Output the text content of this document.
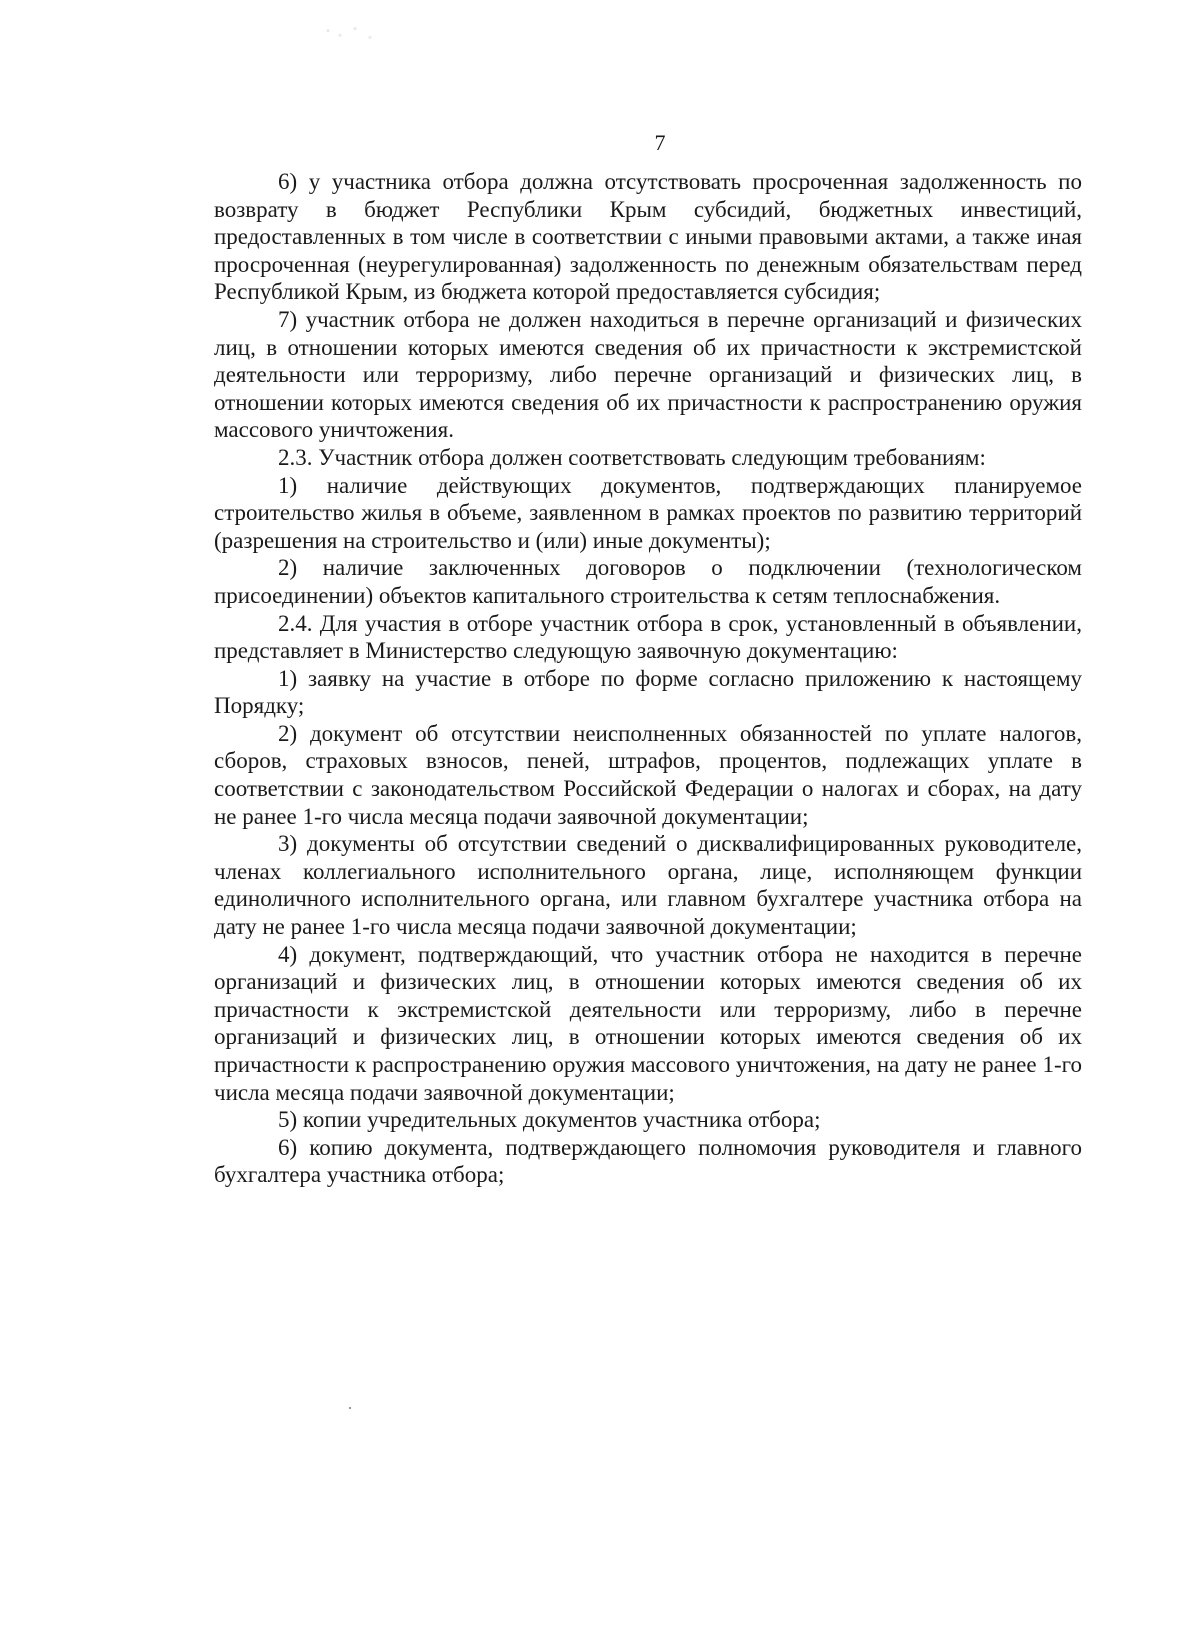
7

6) у участника отбора должна отсутствовать просроченная задолженность по возврату в бюджет Республики Крым субсидий, бюджетных инвестиций, предоставленных в том числе в соответствии с иными правовыми актами, а также иная просроченная (неурегулированная) задолженность по денежным обязательствам перед Республикой Крым, из бюджета которой предоставляется субсидия;

7) участник отбора не должен находиться в перечне организаций и физических лиц, в отношении которых имеются сведения об их причастности к экстремистской деятельности или терроризму, либо перечне организаций и физических лиц, в отношении которых имеются сведения об их причастности к распространению оружия массового уничтожения.

2.3. Участник отбора должен соответствовать следующим требованиям:

1) наличие действующих документов, подтверждающих планируемое строительство жилья в объеме, заявленном в рамках проектов по развитию территорий (разрешения на строительство и (или) иные документы);

2) наличие заключенных договоров о подключении (технологическом присоединении) объектов капитального строительства к сетям теплоснабжения.

2.4. Для участия в отборе участник отбора в срок, установленный в объявлении, представляет в Министерство следующую заявочную документацию:

1) заявку на участие в отборе по форме согласно приложению к настоящему Порядку;

2) документ об отсутствии неисполненных обязанностей по уплате налогов, сборов, страховых взносов, пеней, штрафов, процентов, подлежащих уплате в соответствии с законодательством Российской Федерации о налогах и сборах, на дату не ранее 1-го числа месяца подачи заявочной документации;

3) документы об отсутствии сведений о дисквалифицированных руководителе, членах коллегиального исполнительного органа, лице, исполняющем функции единоличного исполнительного органа, или главном бухгалтере участника отбора на дату не ранее 1-го числа месяца подачи заявочной документации;

4) документ, подтверждающий, что участник отбора не находится в перечне организаций и физических лиц, в отношении которых имеются сведения об их причастности к экстремистской деятельности или терроризму, либо в перечне организаций и физических лиц, в отношении которых имеются сведения об их причастности к распространению оружия массового уничтожения, на дату не ранее 1-го числа месяца подачи заявочной документации;

5) копии учредительных документов участника отбора;

6) копию документа, подтверждающего полномочия руководителя и главного бухгалтера участника отбора;
